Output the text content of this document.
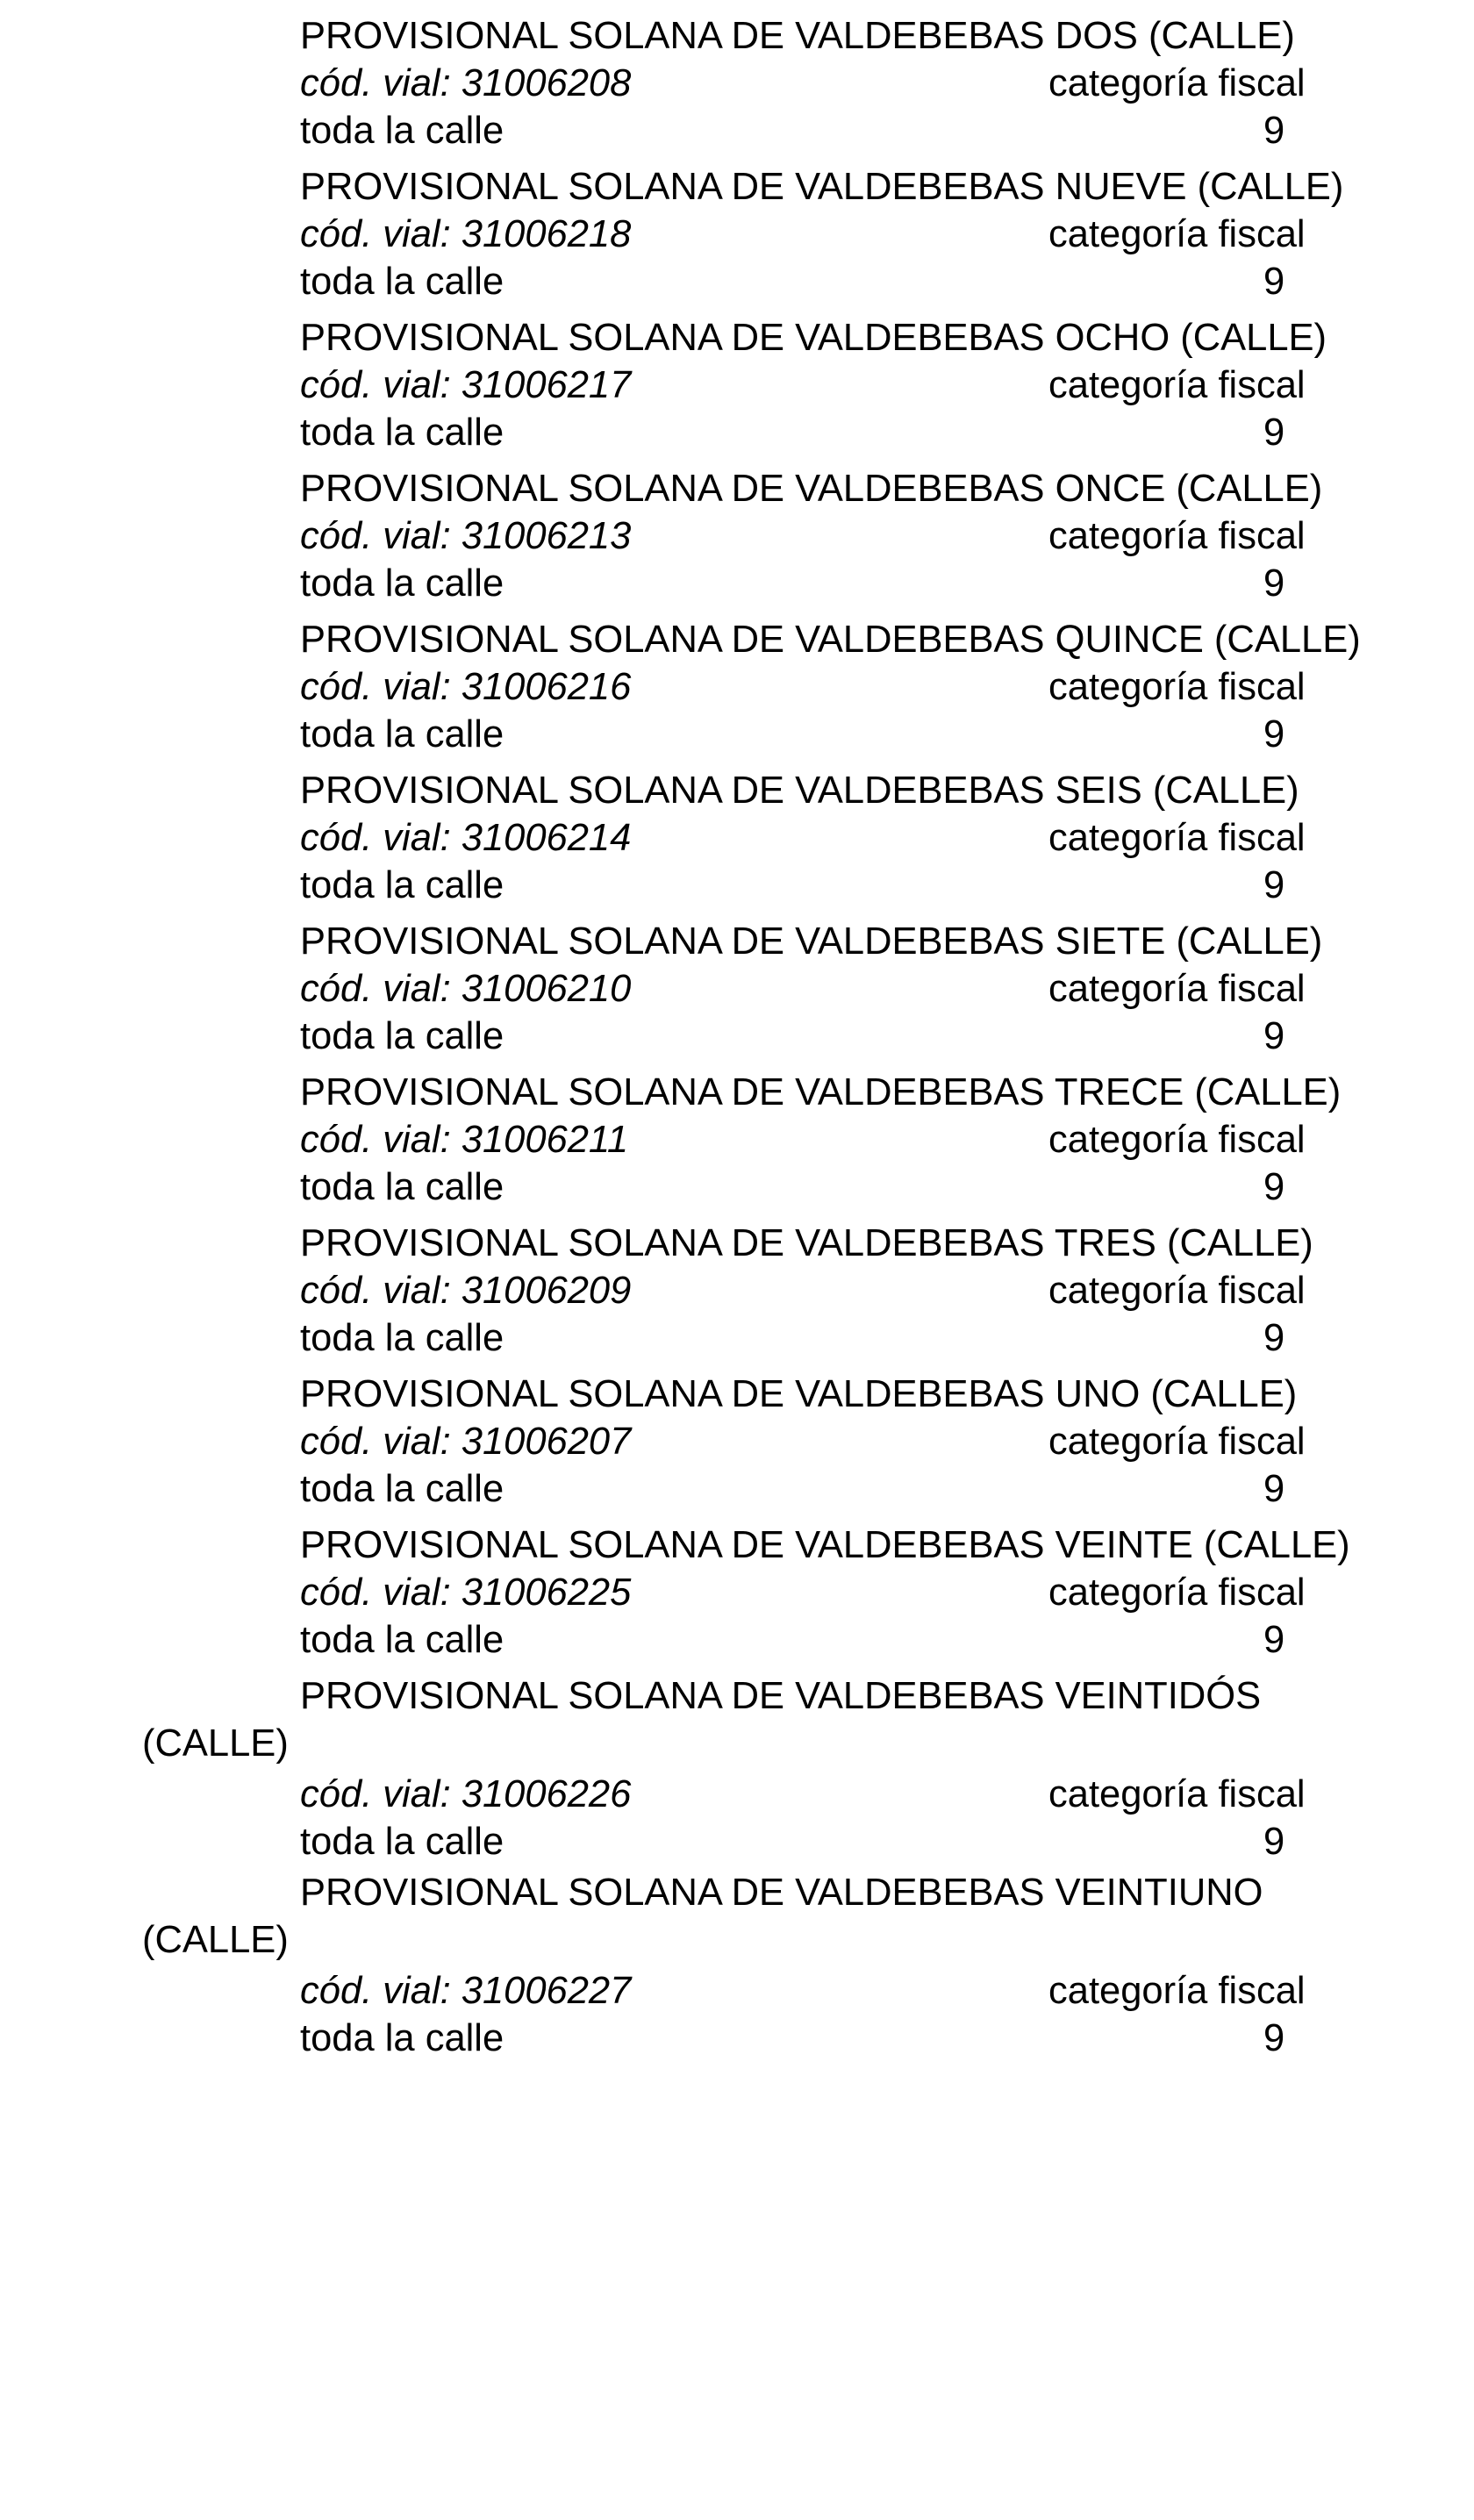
PROVISIONAL SOLANA DE VALDEBEBAS DOS (CALLE)
cód. vial: 31006208	categoría fiscal
toda la calle	9
PROVISIONAL SOLANA DE VALDEBEBAS NUEVE (CALLE)
cód. vial: 31006218	categoría fiscal
toda la calle	9
PROVISIONAL SOLANA DE VALDEBEBAS OCHO (CALLE)
cód. vial: 31006217	categoría fiscal
toda la calle	9
PROVISIONAL SOLANA DE VALDEBEBAS ONCE (CALLE)
cód. vial: 31006213	categoría fiscal
toda la calle	9
PROVISIONAL SOLANA DE VALDEBEBAS QUINCE (CALLE)
cód. vial: 31006216	categoría fiscal
toda la calle	9
PROVISIONAL SOLANA DE VALDEBEBAS SEIS (CALLE)
cód. vial: 31006214	categoría fiscal
toda la calle	9
PROVISIONAL SOLANA DE VALDEBEBAS SIETE (CALLE)
cód. vial: 31006210	categoría fiscal
toda la calle	9
PROVISIONAL SOLANA DE VALDEBEBAS TRECE (CALLE)
cód. vial: 31006211	categoría fiscal
toda la calle	9
PROVISIONAL SOLANA DE VALDEBEBAS TRES (CALLE)
cód. vial: 31006209	categoría fiscal
toda la calle	9
PROVISIONAL SOLANA DE VALDEBEBAS UNO (CALLE)
cód. vial: 31006207	categoría fiscal
toda la calle	9
PROVISIONAL SOLANA DE VALDEBEBAS VEINTE (CALLE)
cód. vial: 31006225	categoría fiscal
toda la calle	9
PROVISIONAL SOLANA DE VALDEBEBAS VEINTIDÓS
(CALLE)
cód. vial: 31006226	categoría fiscal
toda la calle	9
PROVISIONAL SOLANA DE VALDEBEBAS VEINTIUNO
(CALLE)
cód. vial: 31006227	categoría fiscal
toda la calle	9
